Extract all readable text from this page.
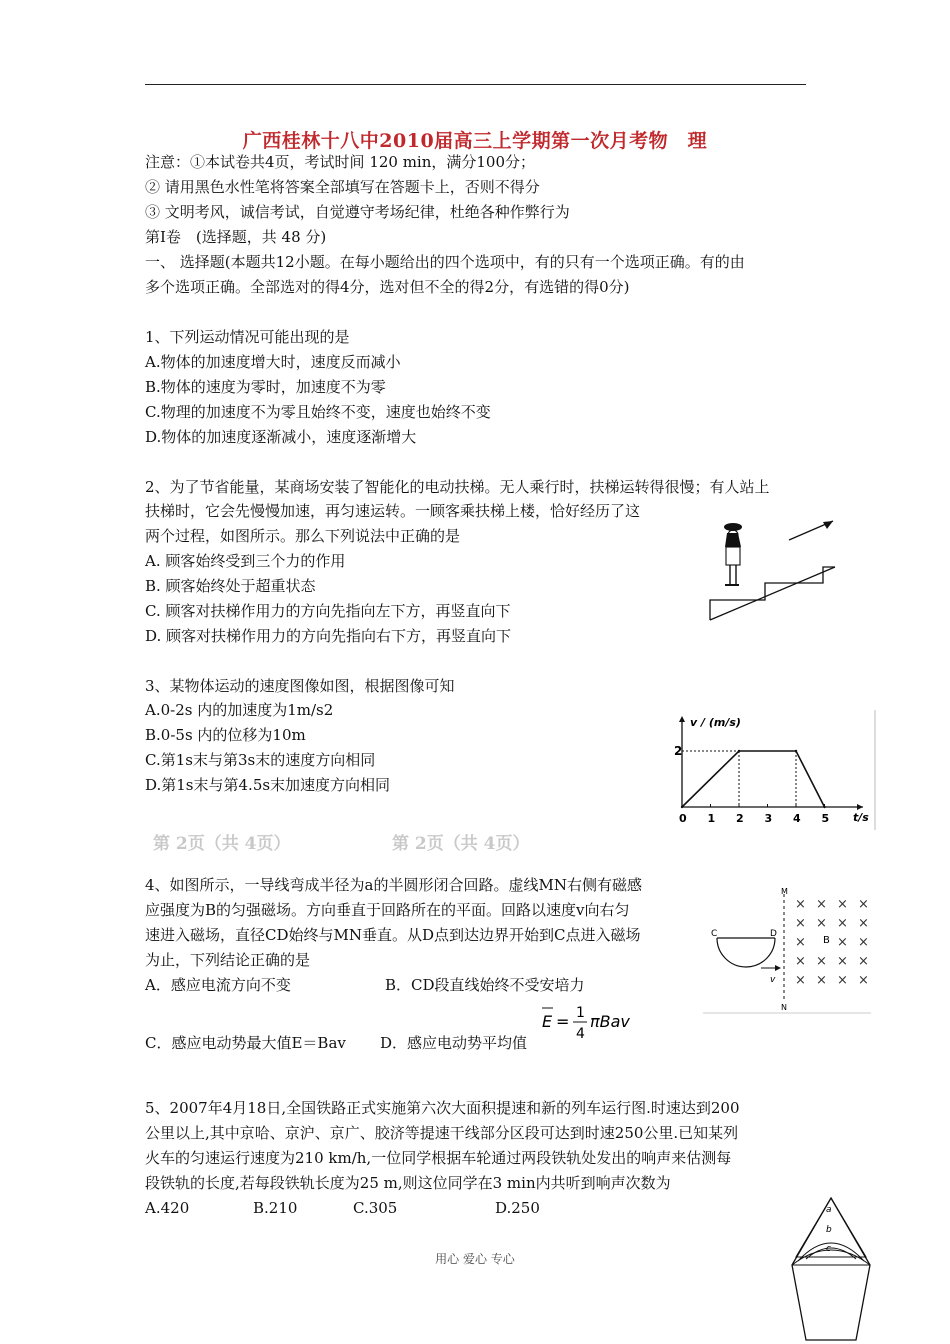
广西桂林十八中2010届高三上学期第一次月考物　理
注意：①本试卷共4页，考试时间 120 min，满分100分；
② 请用黑色水性笔将答案全部填写在答题卡上，否则不得分
③ 文明考风，诚信考试，自觉遵守考场纪律，杜绝各种作弊行为
第Ⅰ卷　(选择题，共 48 分)
一、 选择题(本题共12小题。在每小题给出的四个选项中，有的只有一个选项正确。有的由
多个选项正确。全部选对的得4分，选对但不全的得2分，有选错的得0分)
1、下列运动情况可能出现的是
A.物体的加速度增大时，速度反而减小
B.物体的速度为零时，加速度不为零
C.物理的加速度不为零且始终不变，速度也始终不变
D.物体的加速度逐渐减小，速度逐渐增大
2、为了节省能量，某商场安装了智能化的电动扶梯。无人乘行时，扶梯运转得很慢；有人站上
扶梯时，它会先慢慢加速，再匀速运转。一顾客乘扶梯上楼，恰好经历了这
两个过程，如图所示。那么下列说法中正确的是
A. 顾客始终受到三个力的作用
B. 顾客始终处于超重状态
C. 顾客对扶梯作用力的方向先指向左下方，再竖直向下
D. 顾客对扶梯作用力的方向先指向右下方，再竖直向下
3、某物体运动的速度图像如图，根据图像可知
A.0-2s 内的加速度为1m/s2
B.0-5s 内的位移为10m
C.第1s末与第3s末的速度方向相同
D.第1s末与第4.5s末加速度方向相同
v / (m/s)
t/s
2
0 1 2 3 4 5
第 2页（共 4页）	第 2页（共 4页）
4、如图所示，一导线弯成半径为a的半圆形闭合回路。虚线MN右侧有磁感
应强度为B的匀强磁场。方向垂直于回路所在的平面。回路以速度v向右匀
速进入磁场，直径CD始终与MN垂直。从D点到达边界开始到C点进入磁场
为止，下列结论正确的是
A．感应电流方向不变	B．CD段直线始终不受安培力
C．感应电动势最大值E＝Bav D．感应电动势平均值
E = 1
4
πBav
M
N
C	D
v
B
× × × ×
× × × ×
× × ×
× × × ×
× × × ×
5、2007年4月18日,全国铁路正式实施第六次大面积提速和新的列车运行图.时速达到200
公里以上,其中京哈、京沪、京广、胶济等提速干线部分区段可达到时速250公里.已知某列
火车的匀速运行速度为210 km/h,一位同学根据车轮通过两段铁轨处发出的响声来估测每
段铁轨的长度,若每段铁轨长度为25 m,则这位同学在3 min内共听到响声次数为
A.420	B.210	C.305	D.250	a
b
c
用心 爱心 专心
